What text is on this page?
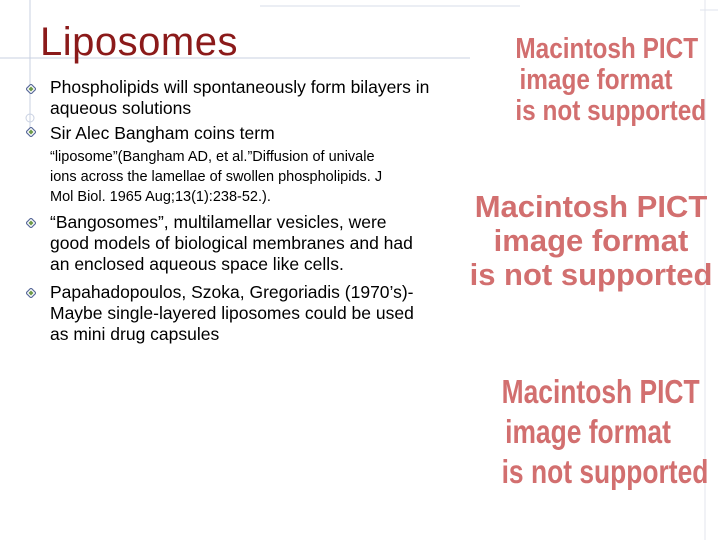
Liposomes
Phospholipids will spontaneously form bilayers in
aqueous solutions
Sir Alec Bangham coins term
“liposome”(Bangham AD, et al.”Diffusion of univale
ions across the lamellae of swollen phospholipids. J
Mol Biol. 1965 Aug;13(1):238-52.).
“Bangosomes”, multilamellar vesicles, were
good models of biological membranes and had
an enclosed aqueous space like cells.
Papahadopoulos, Szoka, Gregoriadis (1970’s)-
Maybe single-layered liposomes could be used
as mini drug capsules
Macintosh PICT
image format
is not supported
Macintosh PICT
image format
is not supported
Macintosh PICT
image format
is not supported
